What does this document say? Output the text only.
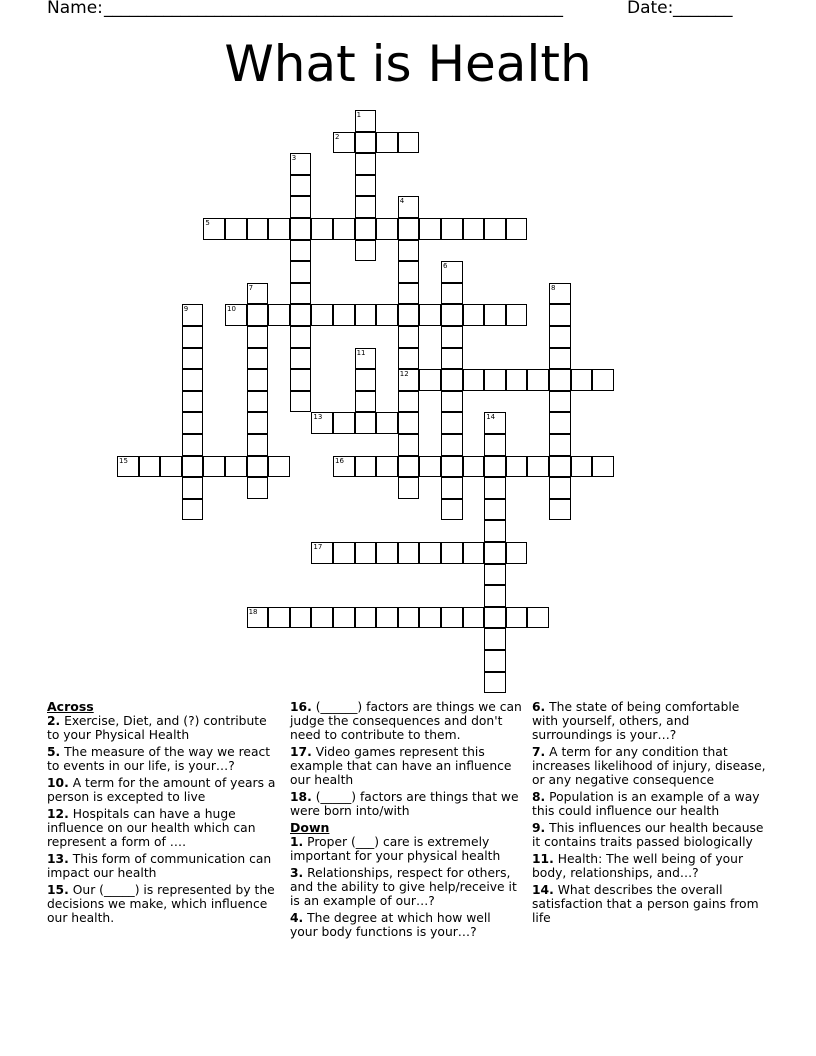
Name: ______________________________________________________	Date: _______
What is Health
1
2
3
4
12
5
6
7	8
9	10
11
13	14
15	16
17
18
Across
2. Exercise, Diet, and (?) contribute to your Physical Health
5. The measure of the way we react to events in our life, is your…?
10. A term for the amount of years a person is excepted to live
12. Hospitals can have a huge influence on our health which can represent a form of ….
13. This form of communication can impact our health
15. Our (_____) is represented by the decisions we make, which influence our health.
16. (______) factors are things we can judge the consequences and don't need to contribute to them.
17. Video games represent this example that can have an influence our health
18. (_____) factors are things that we were born into/with
Down
1. Proper (___) care is extremely important for your physical health
3. Relationships, respect for others, and the ability to give help/receive it is an example of our…?
4. The degree at which how well your body functions is your…?
6. The state of being comfortable with yourself, others, and surroundings is your…?
7. A term for any condition that increases likelihood of injury, disease, or any negative consequence
8. Population is an example of a way this could influence our health
9. This influences our health because it contains traits passed biologically
11. Health: The well being of your body, relationships, and…?
14. What describes the overall satisfaction that a person gains from life
